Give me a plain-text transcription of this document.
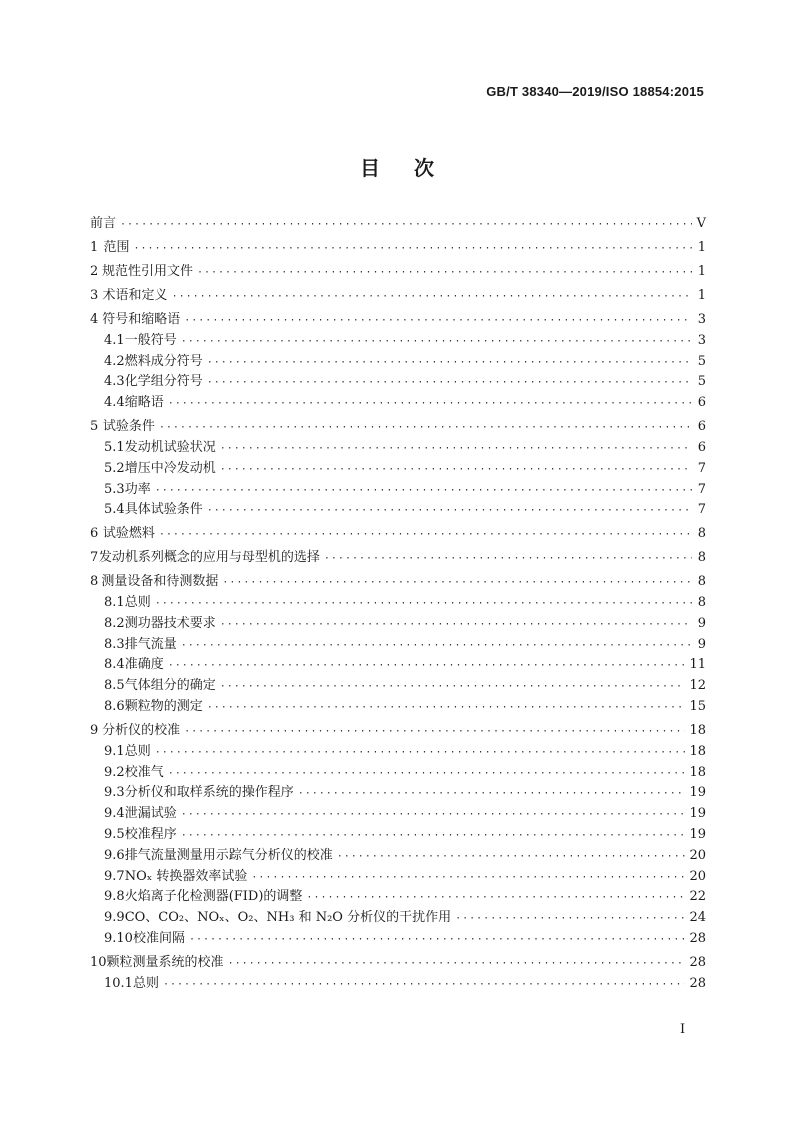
GB/T 38340—2019/ISO 18854:2015
目次
前言 ·····	V
1 范围 ·····	1
2 规范性引用文件 ·····	1
3 术语和定义 ·····	1
4 符号和缩略语 ·····	3
4.1 一般符号 ·····	3
4.2 燃料成分符号 ·····	5
4.3 化学组分符号 ·····	5
4.4 缩略语 ·····	6
5 试验条件 ·····	6
5.1 发动机试验状况 ·····	6
5.2 增压中冷发动机 ·····	7
5.3 功率 ·····	7
5.4 具体试验条件 ·····	7
6 试验燃料 ·····	8
7 发动机系列概念的应用与母型机的选择 ·····	8
8 测量设备和待测数据 ·····	8
8.1 总则 ·····	8
8.2 测功器技术要求 ·····	9
8.3 排气流量 ·····	9
8.4 准确度 ·····	11
8.5 气体组分的确定 ·····	12
8.6 颗粒物的测定 ·····	15
9 分析仪的校准 ·····	18
9.1 总则 ·····	18
9.2 校准气 ·····	18
9.3 分析仪和取样系统的操作程序 ·····	19
9.4 泄漏试验 ·····	19
9.5 校准程序 ·····	19
9.6 排气流量测量用示踪气分析仪的校准 ·····	20
9.7 NOₓ 转换器效率试验 ·····	20
9.8 火焰离子化检测器(FID)的调整 ·····	22
9.9 CO、CO₂、NOₓ、O₂、NH₃ 和 N₂O 分析仪的干扰作用 ·····	24
9.10 校准间隔 ·····	28
10 颗粒测量系统的校准 ·····	28
10.1 总则 ·····	28
I
